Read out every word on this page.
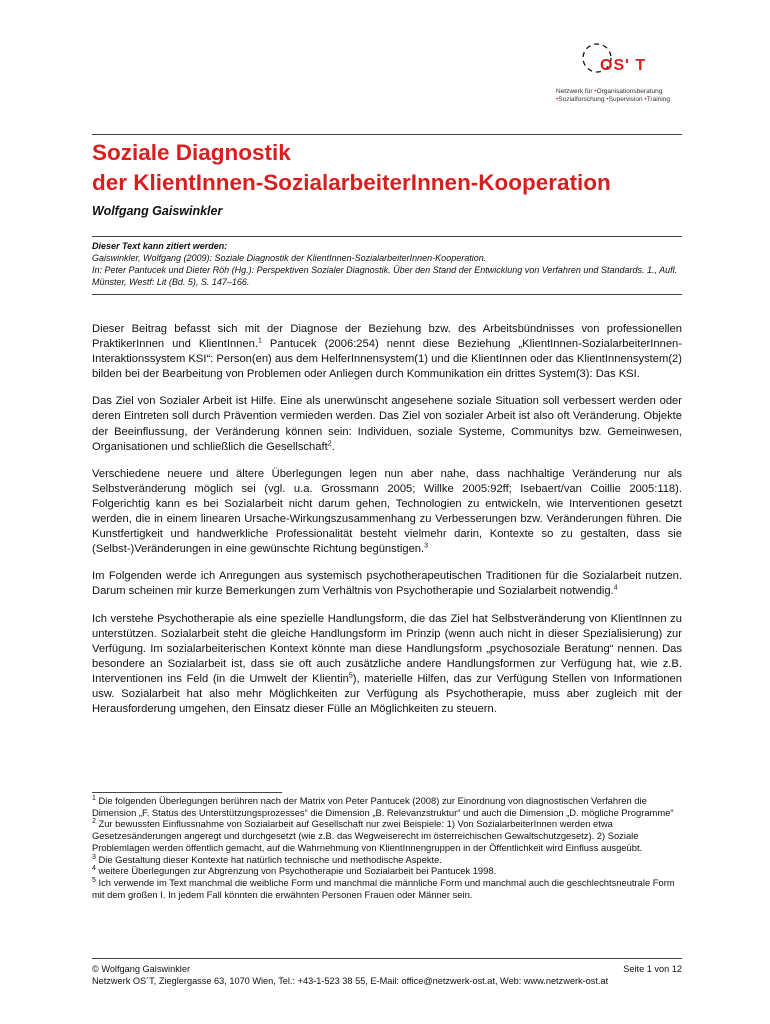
OS' T
Netzwerk für •Organisationsberatung
•Sozialforschung •Supervision •Training
Soziale Diagnostik
der KlientInnen-SozialarbeiterInnen-Kooperation
Wolfgang Gaiswinkler
Dieser Text kann zitiert werden:
Gaiswinkler, Wolfgang (2009): Soziale Diagnostik der KlientInnen-SozialarbeiterInnen-Kooperation.
In: Peter Pantucek und Dieter Röh (Hg.): Perspektiven Sozialer Diagnostik. Über den Stand der Entwicklung von Verfahren und Standards. 1., Aufl. Münster, Westf: Lit (Bd. 5), S. 147–166.

Dieser Beitrag befasst sich mit der Diagnose der Beziehung bzw. des Arbeitsbündnisses von professionellen PraktikerInnen und KlientInnen.$^1$ Pantucek (2006:254) nennt diese Beziehung „KlientInnen-SozialarbeiterInnen-Interaktionssystem KSI“: Person(en) aus dem HelferInnensystem(1) und die KlientInnen oder das KlientInnensystem(2) bilden bei der Bearbeitung von Problemen oder Anliegen durch Kommunikation ein drittes System(3): Das KSI.

Das Ziel von Sozialer Arbeit ist Hilfe. Eine als unerwünscht angesehene soziale Situation soll verbessert werden oder deren Eintreten soll durch Prävention vermieden werden. Das Ziel von sozialer Arbeit ist also oft Veränderung. Objekte der Beeinflussung, der Veränderung können sein: Individuen, soziale Systeme, Communitys bzw. Gemeinwesen, Organisationen und schließlich die Gesellschaft$^2$.

Verschiedene neuere und ältere Überlegungen legen nun aber nahe, dass nachhaltige Veränderung nur als Selbstveränderung möglich sei (vgl. u.a. Grossmann 2005; Willke 2005:92ff; Isebaert/van Coillie 2005:118). Folgerichtig kann es bei Sozialarbeit nicht darum gehen, Technologien zu entwickeln, wie Interventionen gesetzt werden, die in einem linearen Ursache-Wirkungszusammenhang zu Verbesserungen bzw. Veränderungen führen. Die Kunstfertigkeit und handwerkliche Professionalität besteht vielmehr darin, Kontexte so zu gestalten, dass sie (Selbst-)Veränderungen in eine gewünschte Richtung begünstigen.$^3$

Im Folgenden werde ich Anregungen aus systemisch psychotherapeutischen Traditionen für die Sozialarbeit nutzen. Darum scheinen mir kurze Bemerkungen zum Verhältnis von Psychotherapie und Sozialarbeit notwendig.$^4$

Ich verstehe Psychotherapie als eine spezielle Handlungsform, die das Ziel hat Selbstveränderung von KlientInnen zu unterstützen. Sozialarbeit steht die gleiche Handlungsform im Prinzip (wenn auch nicht in dieser Spezialisierung) zur Verfügung. Im sozialarbeiterischen Kontext könnte man diese Handlungsform „psychosoziale Beratung“ nennen. Das besondere an Sozialarbeit ist, dass sie oft auch zusätzliche andere Handlungsformen zur Verfügung hat, wie z.B. Interventionen ins Feld (in die Umwelt der Klientin$^5$), materielle Hilfen, das zur Verfügung Stellen von Informationen usw. Sozialarbeit hat also mehr Möglichkeiten zur Verfügung als Psychotherapie, muss aber zugleich mit der Herausforderung umgehen, den Einsatz dieser Fülle an Möglichkeiten zu steuern.

$^1$ Die folgenden Überlegungen berühren nach der Matrix von Peter Pantucek (2008) zur Einordnung von diagnostischen Verfahren die Dimension „F. Status des Unterstützungsprozesses“ die Dimension „B. Relevanzstruktur“ und auch die Dimension „D. mögliche Programme“

$^2$ Zur bewussten Einflussnahme von Sozialarbeit auf Gesellschaft nur zwei Beispiele: 1) Von SozialarbeiterInnen werden etwa Gesetzesänderungen angeregt und durchgesetzt (wie z.B. das Wegweiserecht im österreichischen Gewaltschutzgesetz). 2) Soziale Problemlagen werden öffentlich gemacht, auf die Wahrnehmung von KlientInnengruppen in der Öffentlichkeit wird Einfluss ausgeübt.

$^3$ Die Gestaltung dieser Kontexte hat natürlich technische und methodische Aspekte.

$^4$ weitere Überlegungen zur Abgrenzung von Psychotherapie und Sozialarbeit bei Pantucek 1998.

$^5$ Ich verwende im Text manchmal die weibliche Form und manchmal die männliche Form und manchmal auch die geschlechtsneutrale Form mit dem großen I. In jedem Fall könnten die erwähnten Personen Frauen oder Männer sein.

© Wolfgang Gaiswinkler	Seite 1 von 12
Netzwerk OS´T, Zieglergasse 63, 1070 Wien, Tel.: +43-1-523 38 55, E-Mail: office@netzwerk-ost.at, Web: www.netzwerk-ost.at
